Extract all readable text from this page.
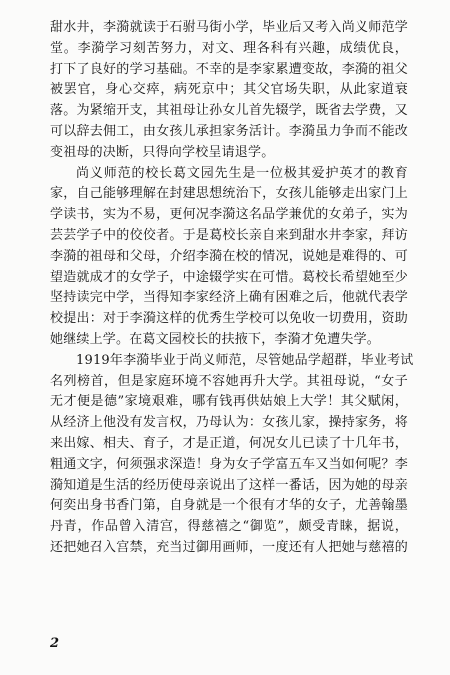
甜水井，李漪就读于石驸马街小学，毕业后又考入尚义师范学
堂。李漪学习刻苦努力，对文、理各科有兴趣，成绩优良，
打下了良好的学习基础。不幸的是李家累遭变故，李漪的祖父
被罢官，身心交瘁，病死京中；其父官场失职，从此家道衰
落。为紧缩开支，其祖母让孙女儿首先辍学，既省去学费，又
可以辞去佣工，由女孩儿承担家务活计。李漪虽力争而不能改
变祖母的决断，只得向学校呈请退学。
尚义师范的校长葛文园先生是一位极其爱护英才的教育
家，自己能够理解在封建思想统治下，女孩儿能够走出家门上
学读书，实为不易，更何况李漪这名品学兼优的女弟子，实为
芸芸学子中的佼佼者。于是葛校长亲自来到甜水井李家，拜访
李漪的祖母和父母，介绍李漪在校的情况，说她是难得的、可
望造就成才的女学子，中途辍学实在可惜。葛校长希望她至少
坚持读完中学，当得知李家经济上确有困难之后，他就代表学
校提出：对于李漪这样的优秀生学校可以免收一切费用，资助
她继续上学。在葛文园校长的扶掖下，李漪才免遭失学。
1919年李漪毕业于尚义师范，尽管她品学超群，毕业考试
名列榜首，但是家庭环境不容她再升大学。其祖母说，“女子
无才便是德”家境艰难，哪有钱再供姑娘上大学！其父赋闲，
从经济上他没有发言权，乃母认为：女孩儿家，操持家务，将
来出嫁、相夫、育子，才是正道，何况女儿已读了十几年书，
粗通文字，何须强求深造！身为女子学富五车又当如何呢？李
漪知道是生活的经历使母亲说出了这样一番话，因为她的母亲
何奕出身书香门第，自身就是一个很有才华的女子，尤善翰墨
丹青，作品曾入清宫，得慈禧之“御览”，颇受青睐，据说，
还把她召入宫禁，充当过御用画师，一度还有人把她与慈禧的
2
